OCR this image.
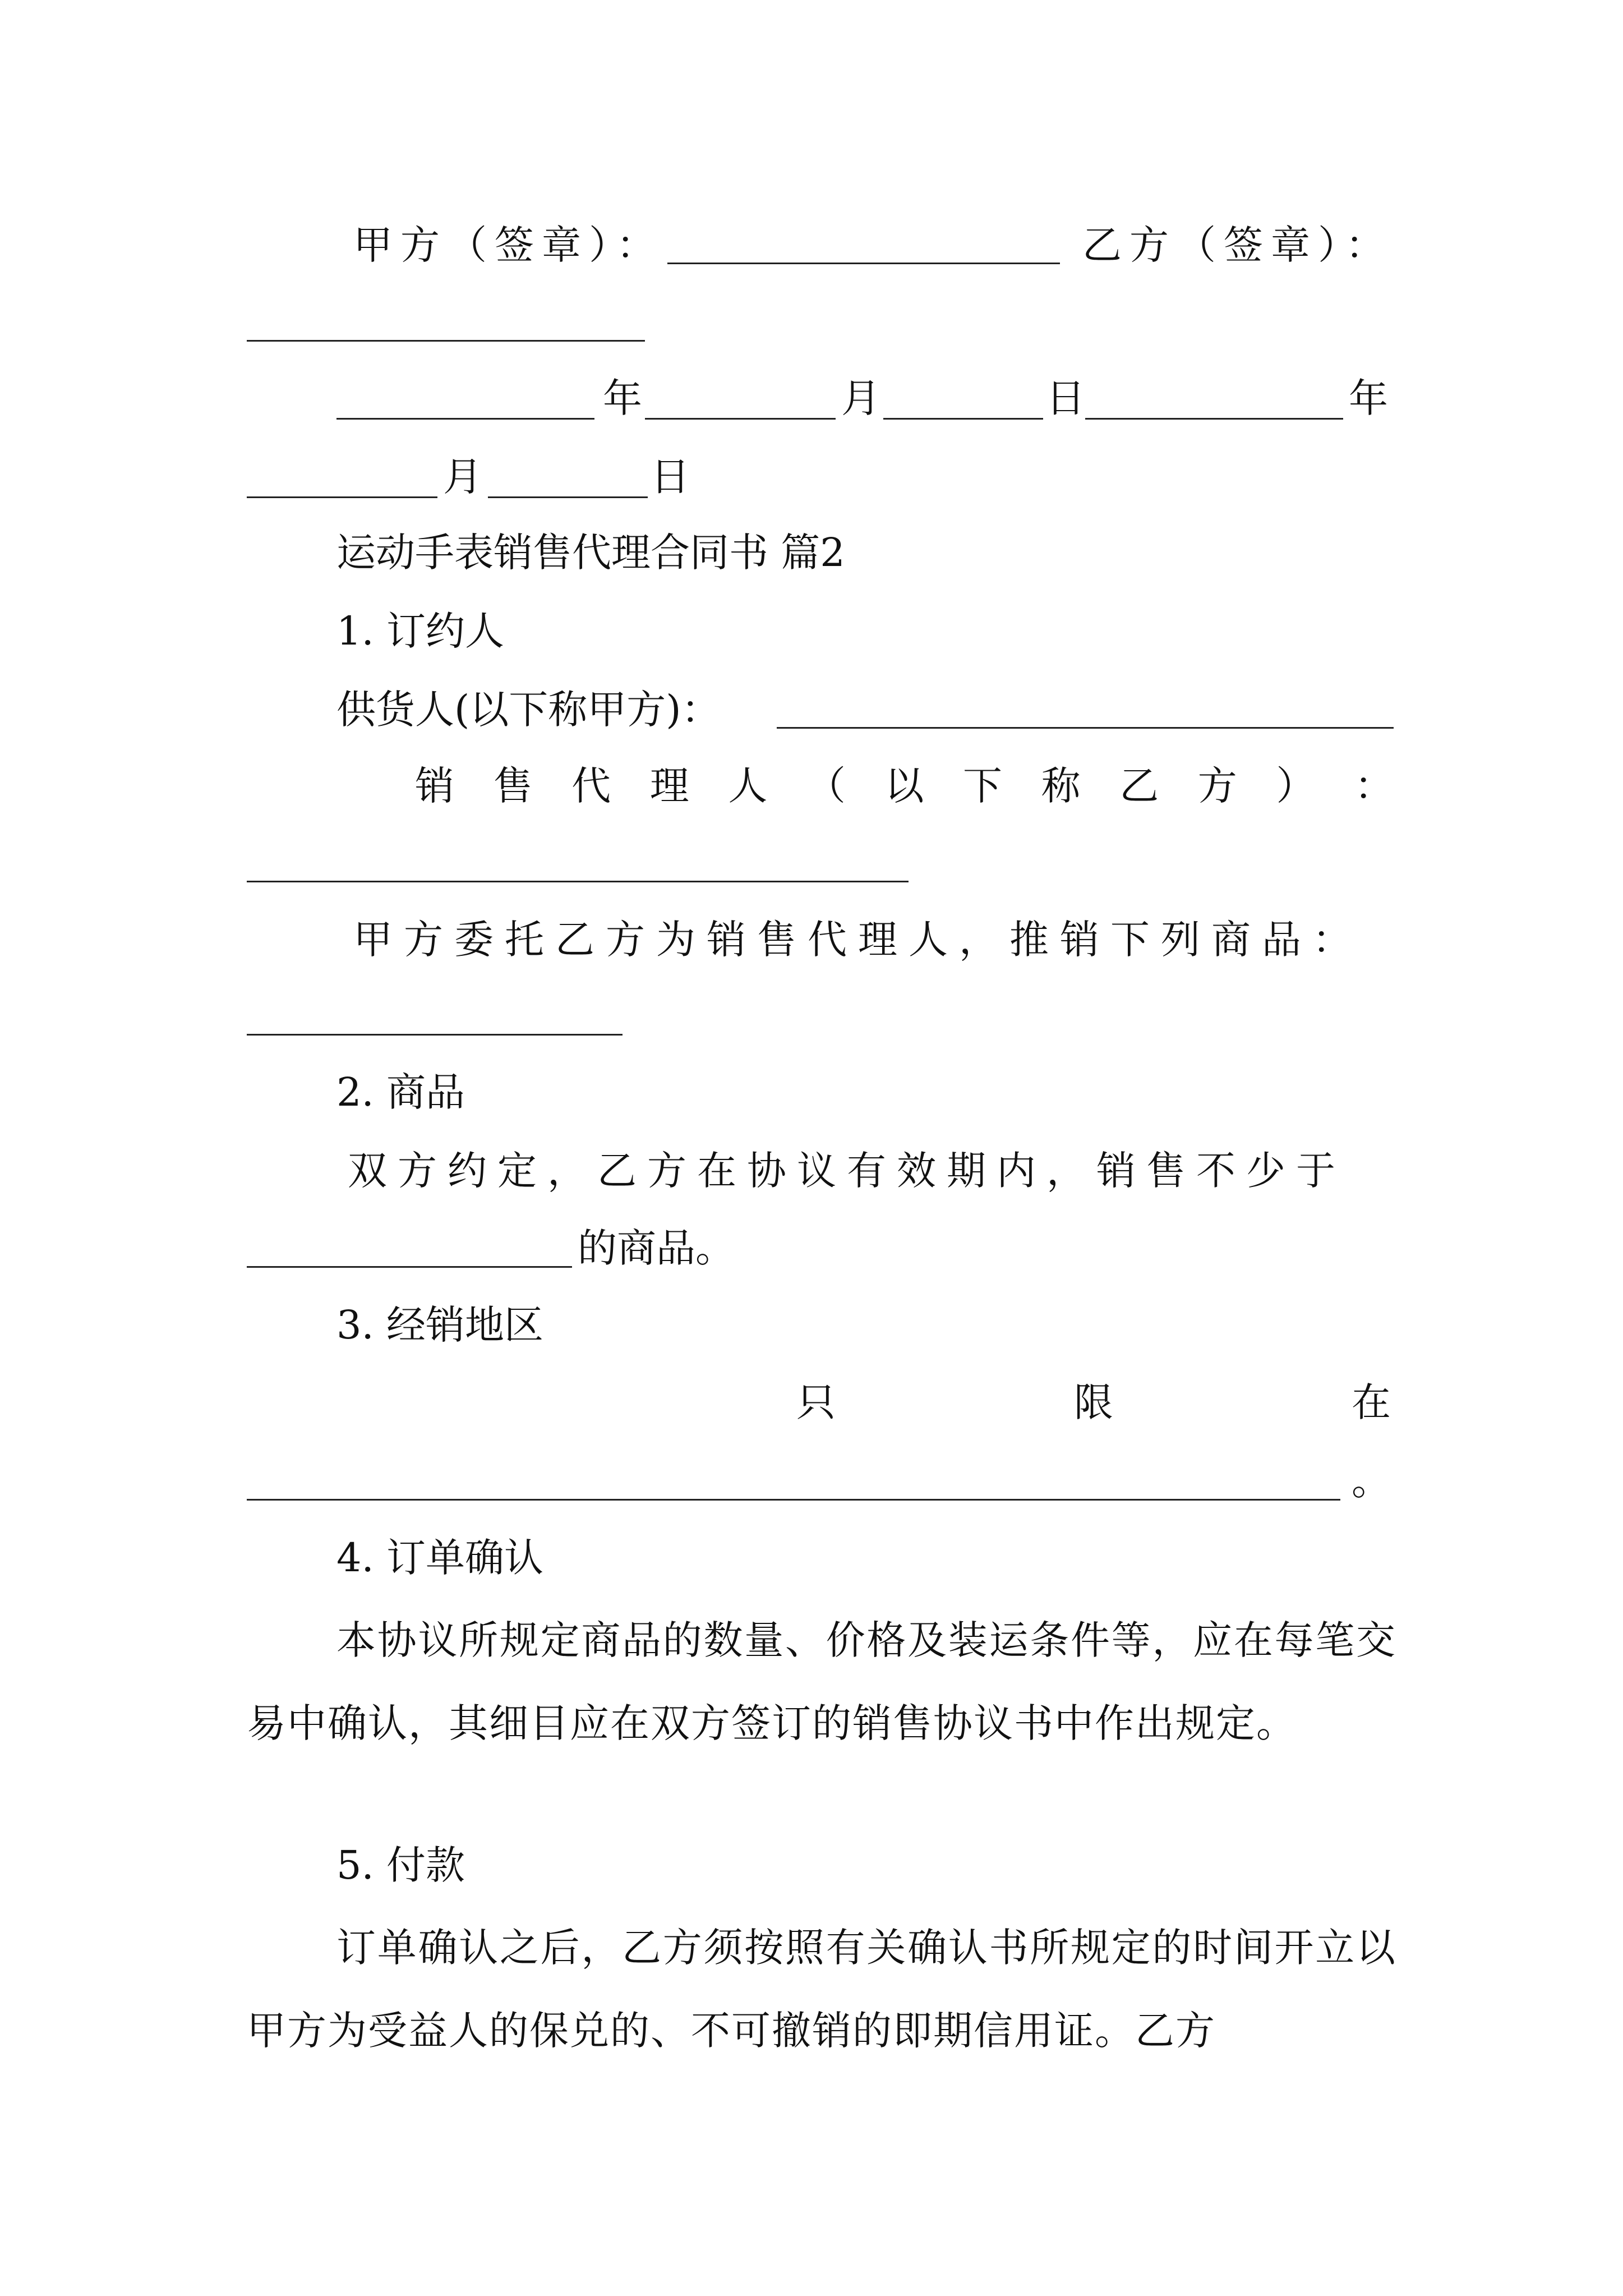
甲方（签章）：	乙方（签章）：
年	月	日	年
月	日
运动手表销售代理合同书 篇2
1. 订约人
供货人(以下称甲方)：
销 售 代 理 人 （ 以 下 称 乙 方 ） ：
甲方委托乙方为销售代理人，推销下列商品：
2. 商品
双方约定，乙方在协议有效期内，销售不少于
的商品。
3. 经销地区
只	限	在
。
4. 订单确认
本协议所规定商品的数量、价格及装运条件等，应在每笔交易中确认，其细目应在双方签订的销售协议书中作出规定。
5. 付款
订单确认之后，乙方须按照有关确认书所规定的时间开立以甲方为受益人的保兑的、不可撤销的即期信用证。乙方
